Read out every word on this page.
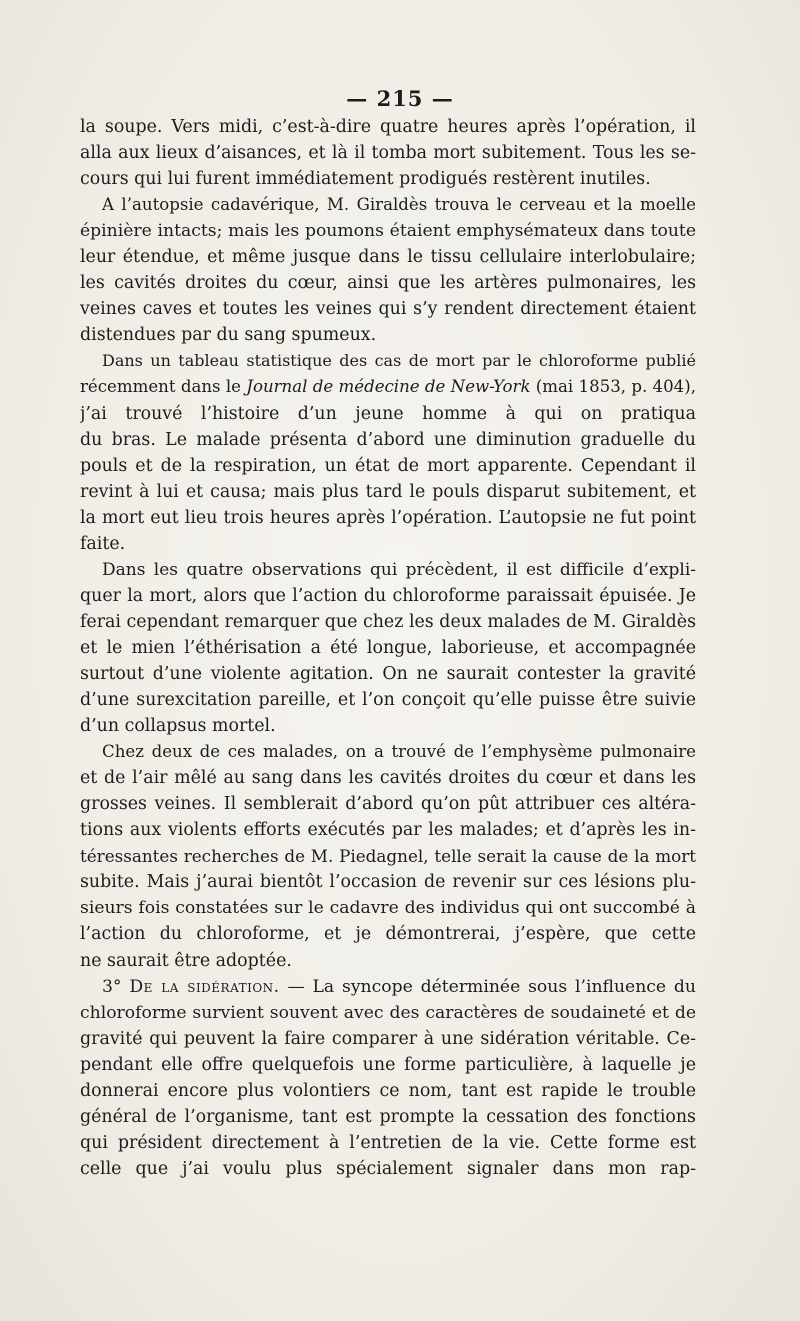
— 215 —

la soupe. Vers midi, c’est-à-dire quatre heures après l’opération, il
alla aux lieux d’aisances, et là il tomba mort subitement. Tous les se-
cours qui lui furent immédiatement prodigués restèrent inutiles.

A l’autopsie cadavérique, M. Giraldès trouva le cerveau et la moelle
épinière intacts; mais les poumons étaient emphysémateux dans toute
leur étendue, et même jusque dans le tissu cellulaire interlobulaire;
les cavités droites du cœur, ainsi que les artères pulmonaires, les
veines caves et toutes les veines qui s’y rendent directement étaient
distendues par du sang spumeux.

Dans un tableau statistique des cas de mort par le chloroforme publié
récemment dans le Journal de médecine de New-York (mai 1853, p. 404),
j’ai trouvé l’histoire d’un jeune homme à qui on pratiqua
du bras. Le malade présenta d’abord une diminution graduelle du
pouls et de la respiration, un état de mort apparente. Cependant il
revint à lui et causa; mais plus tard le pouls disparut subitement, et
la mort eut lieu trois heures après l’opération. L’autopsie ne fut point
faite.

Dans les quatre observations qui précèdent, il est difficile d’expli-
quer la mort, alors que l’action du chloroforme paraissait épuisée. Je
ferai cependant remarquer que chez les deux malades de M. Giraldès
et le mien l’éthérisation a été longue, laborieuse, et accompagnée
surtout d’une violente agitation. On ne saurait contester la gravité
d’une surexcitation pareille, et l’on conçoit qu’elle puisse être suivie
d’un collapsus mortel.

Chez deux de ces malades, on a trouvé de l’emphysème pulmonaire
et de l’air mêlé au sang dans les cavités droites du cœur et dans les
grosses veines. Il semblerait d’abord qu’on pût attribuer ces altéra-
tions aux violents efforts exécutés par les malades; et d’après les in-
téressantes recherches de M. Piedagnel, telle serait la cause de la mort
subite. Mais j’aurai bientôt l’occasion de revenir sur ces lésions plu-
sieurs fois constatées sur le cadavre des individus qui ont succombé à
l’action du chloroforme, et je démontrerai, j’espère, que cette
ne saurait être adoptée.

3° De la sidération. — La syncope déterminée sous l’influence du
chloroforme survient souvent avec des caractères de soudaineté et de
gravité qui peuvent la faire comparer à une sidération véritable. Ce-
pendant elle offre quelquefois une forme particulière, à laquelle je
donnerai encore plus volontiers ce nom, tant est rapide le trouble
général de l’organisme, tant est prompte la cessation des fonctions
qui président directement à l’entretien de la vie. Cette forme est
celle que j’ai voulu plus spécialement signaler dans mon rap-
